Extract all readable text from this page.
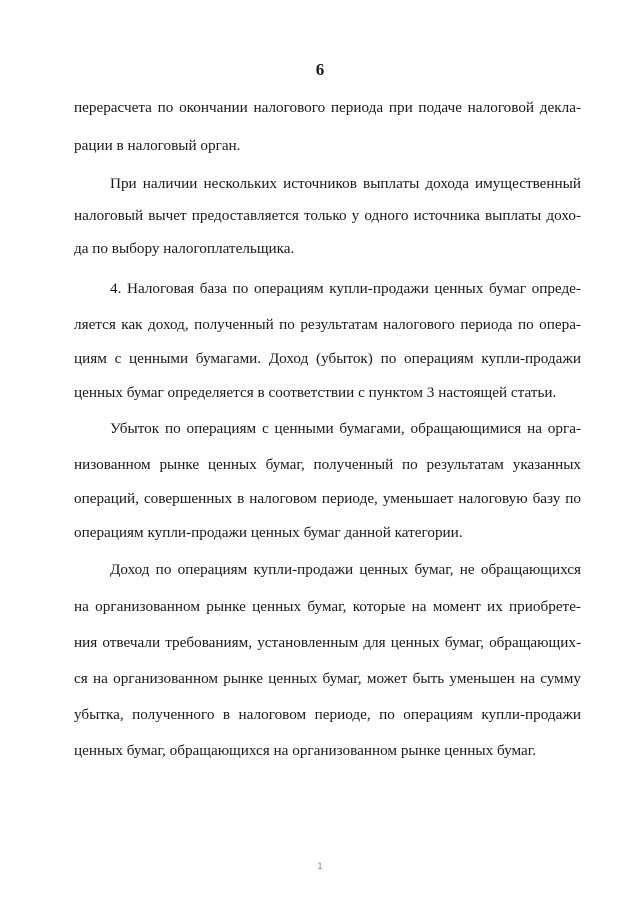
6
перерасчета по окончании налогового периода при подаче налоговой декла-
рации в налоговый орган.
При наличии нескольких источников выплаты дохода имущественный
налоговый вычет предоставляется только у одного источника выплаты дохо-
да по выбору налогоплательщика.
4. Налоговая база по операциям купли-продажи ценных бумаг опреде-
ляется как доход, полученный по результатам налогового периода по опера-
циям с ценными бумагами. Доход (убыток) по операциям купли-продажи
ценных бумаг определяется в соответствии с пунктом 3 настоящей статьи.
Убыток по операциям с ценными бумагами, обращающимися на орга-
низованном рынке ценных бумаг, полученный по результатам указанных
операций, совершенных в налоговом периоде, уменьшает налоговую базу по
операциям купли-продажи ценных бумаг данной категории.
Доход по операциям купли-продажи ценных бумаг, не обращающихся
на организованном рынке ценных бумаг, которые на момент их приобрете-
ния отвечали требованиям, установленным для ценных бумаг, обращающих-
ся на организованном рынке ценных бумаг, может быть уменьшен на сумму
убытка, полученного в налоговом периоде, по операциям купли-продажи
ценных бумаг, обращающихся на организованном рынке ценных бумаг.
1
